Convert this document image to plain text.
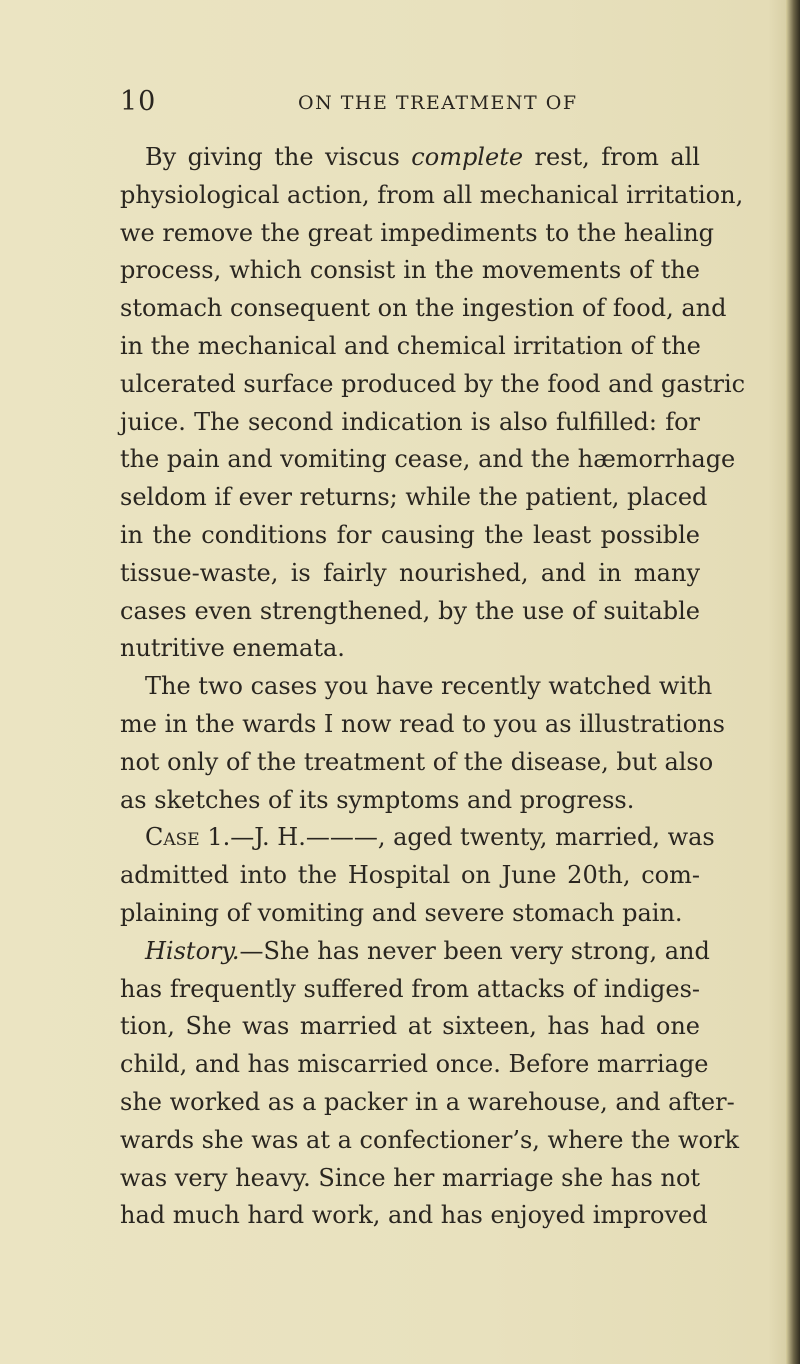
10	ON THE TREATMENT OF
By giving the viscus complete rest, from all
physiological action, from all mechanical irritation,
we remove the great impediments to the healing
process, which consist in the movements of the
stomach consequent on the ingestion of food, and
in the mechanical and chemical irritation of the
ulcerated surface produced by the food and gastric
juice. The second indication is also fulfilled: for
the pain and vomiting cease, and the hæmorrhage
seldom if ever returns; while the patient, placed
in the conditions for causing the least possible
tissue-waste, is fairly nourished, and in many
cases even strengthened, by the use of suitable
nutritive enemata.
The two cases you have recently watched with
me in the wards I now read to you as illustrations
not only of the treatment of the disease, but also
as sketches of its symptoms and progress.
Case 1.—J. H.———, aged twenty, married, was
admitted into the Hospital on June 20th, com-
plaining of vomiting and severe stomach pain.
History.—She has never been very strong, and
has frequently suffered from attacks of indiges-
tion, She was married at sixteen, has had one
child, and has miscarried once. Before marriage
she worked as a packer in a warehouse, and after-
wards she was at a confectioner’s, where the work
was very heavy. Since her marriage she has not
had much hard work, and has enjoyed improved
